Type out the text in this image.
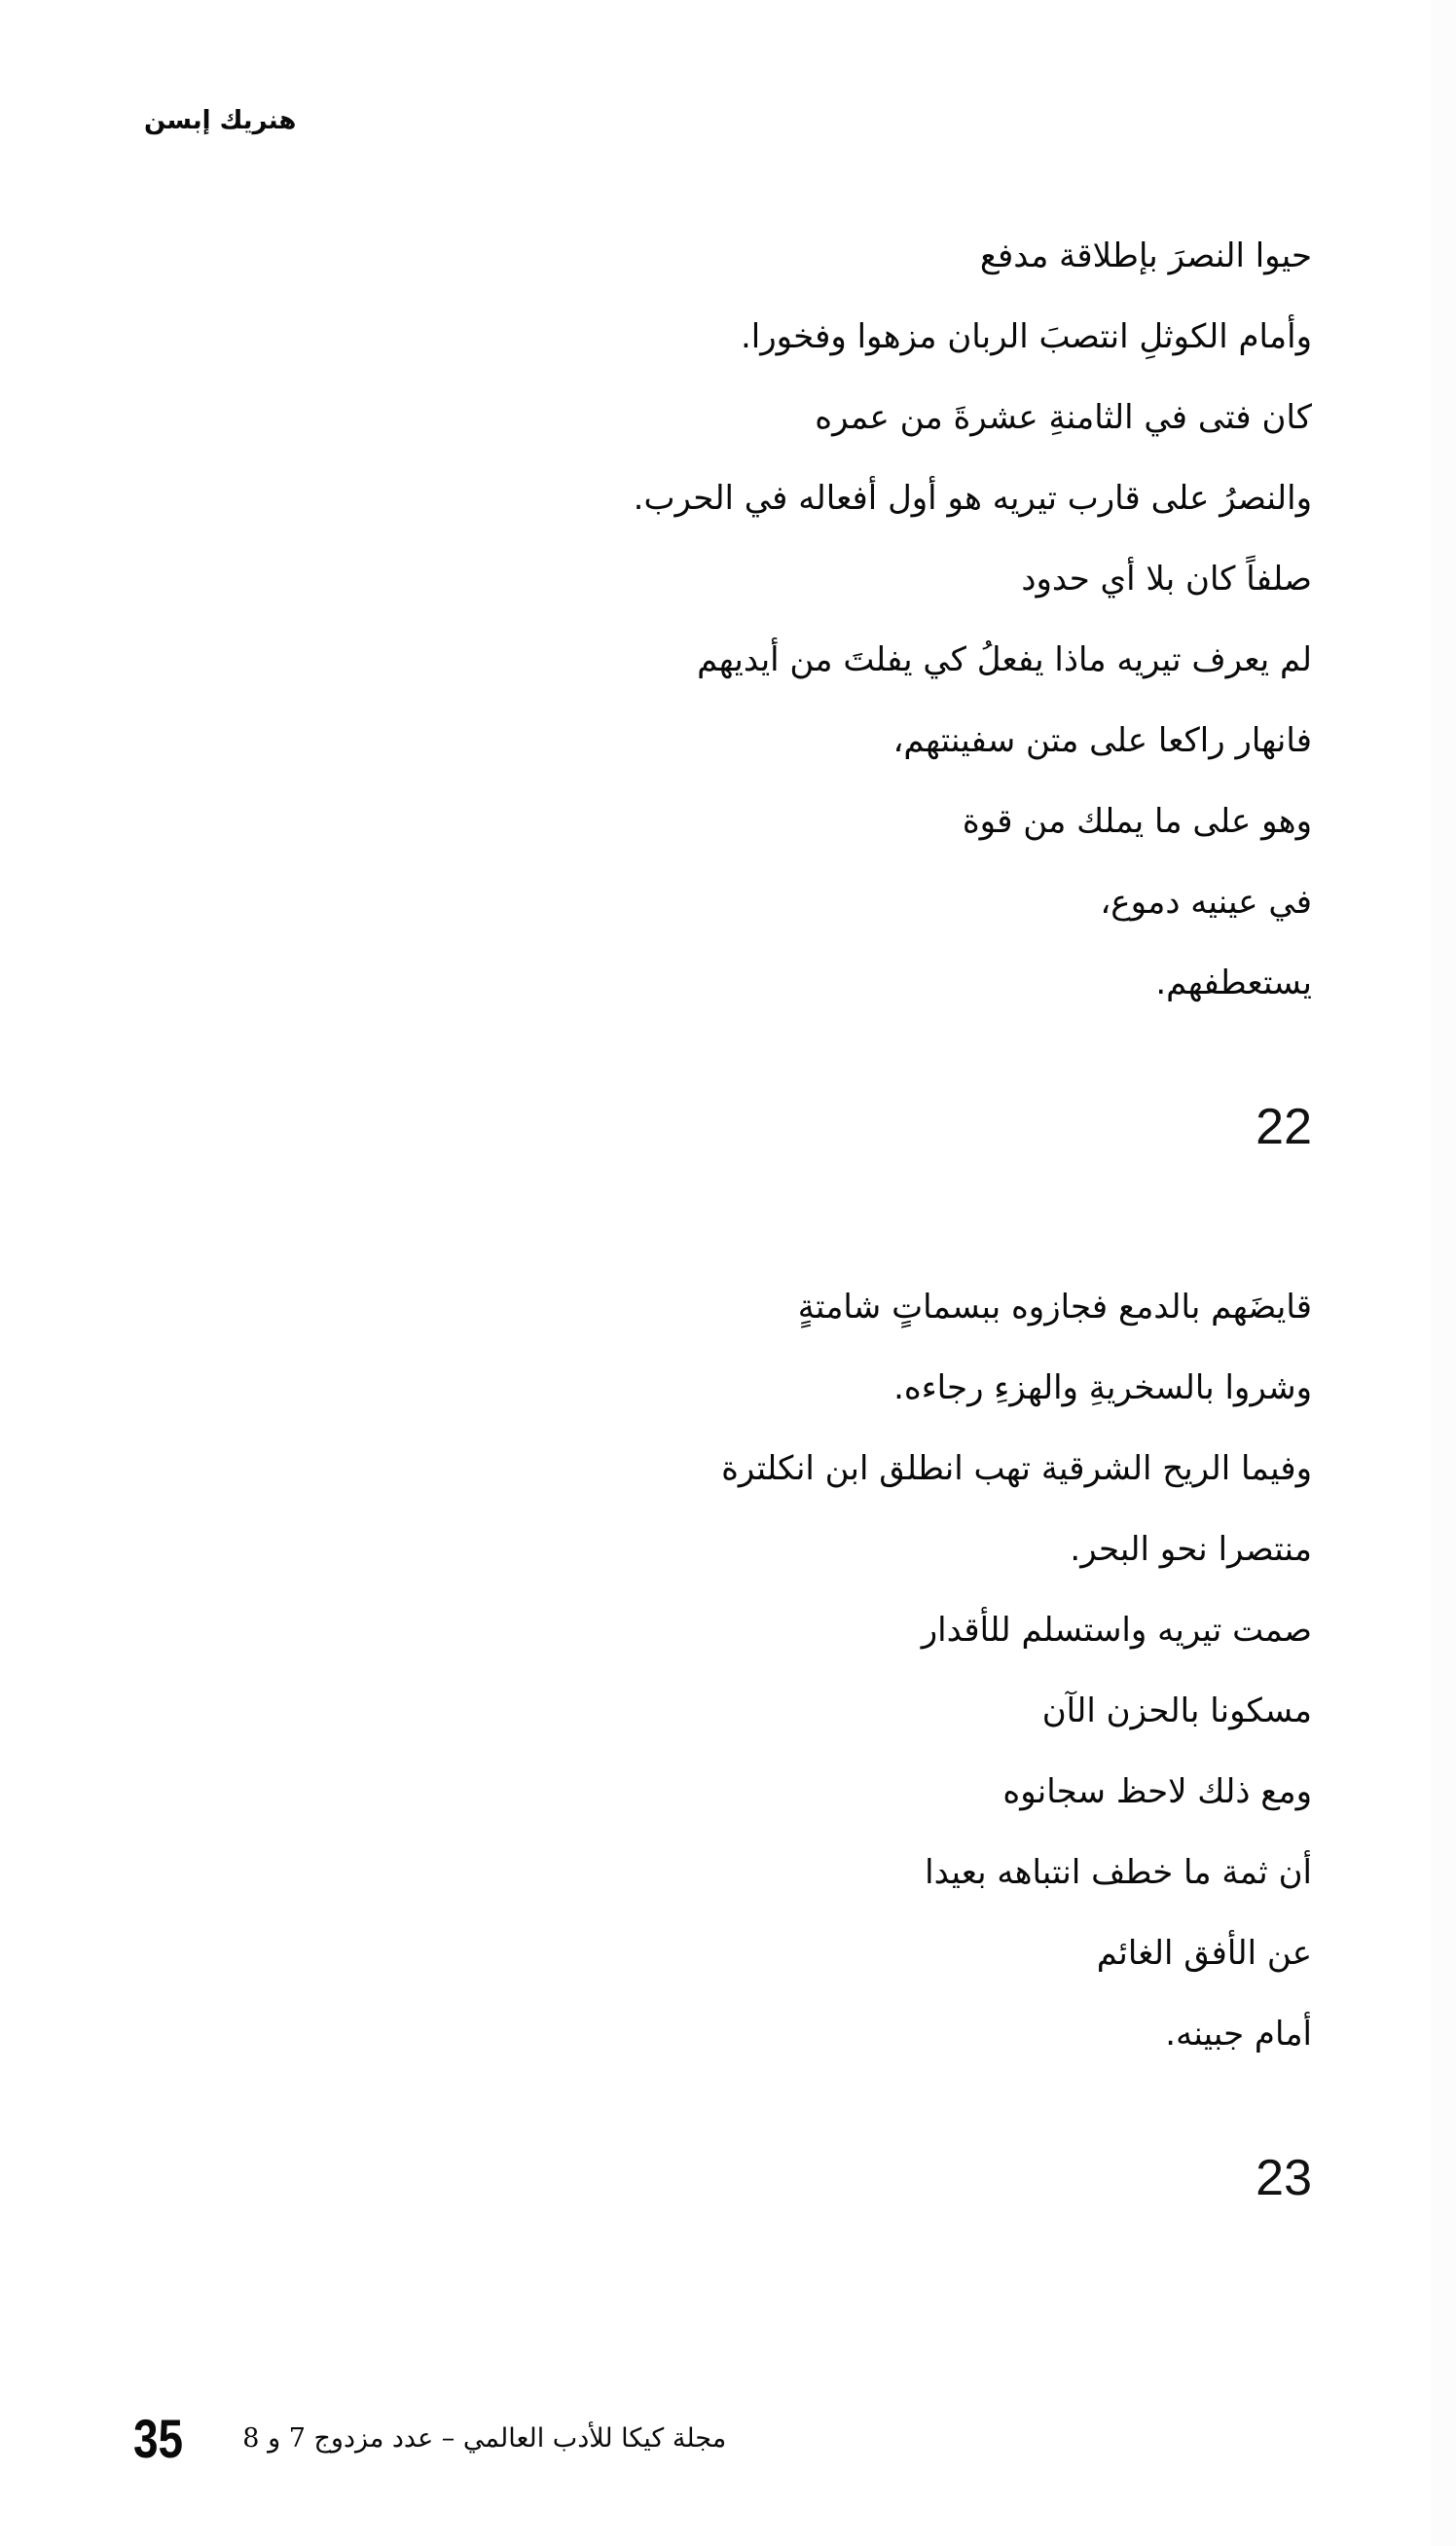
هنريك إبسن
حيوا النصرَ بإطلاقة مدفع
وأمام الكوثلِ انتصبَ الربان مزهوا وفخورا.
كان فتى في الثامنةِ عشرةَ من عمره
والنصرُ على قارب تيريه هو أول أفعاله في الحرب.
صلفاً كان بلا أي حدود
لم يعرف تيريه ماذا يفعلُ كي يفلتَ من أيديهم
فانهار راكعا على متن سفينتهم،
وهو على ما يملك من قوة
في عينيه دموع،
يستعطفهم.
22
قايضَهم بالدمع فجازوه ببسماتٍ شامتةٍ
وشروا بالسخريةِ والهزءِ رجاءه.
وفيما الريح الشرقية تهب انطلق ابن انكلترة
منتصرا نحو البحر.
صمت تيريه واستسلم للأقدار
مسكونا بالحزن الآن
ومع ذلك لاحظ سجانوه
أن ثمة ما خطف انتباهه بعيدا
عن الأفق الغائم
أمام جبينه.
23
35 مجلة كيكا للأدب العالمي – عدد مزدوج 7 و 8
